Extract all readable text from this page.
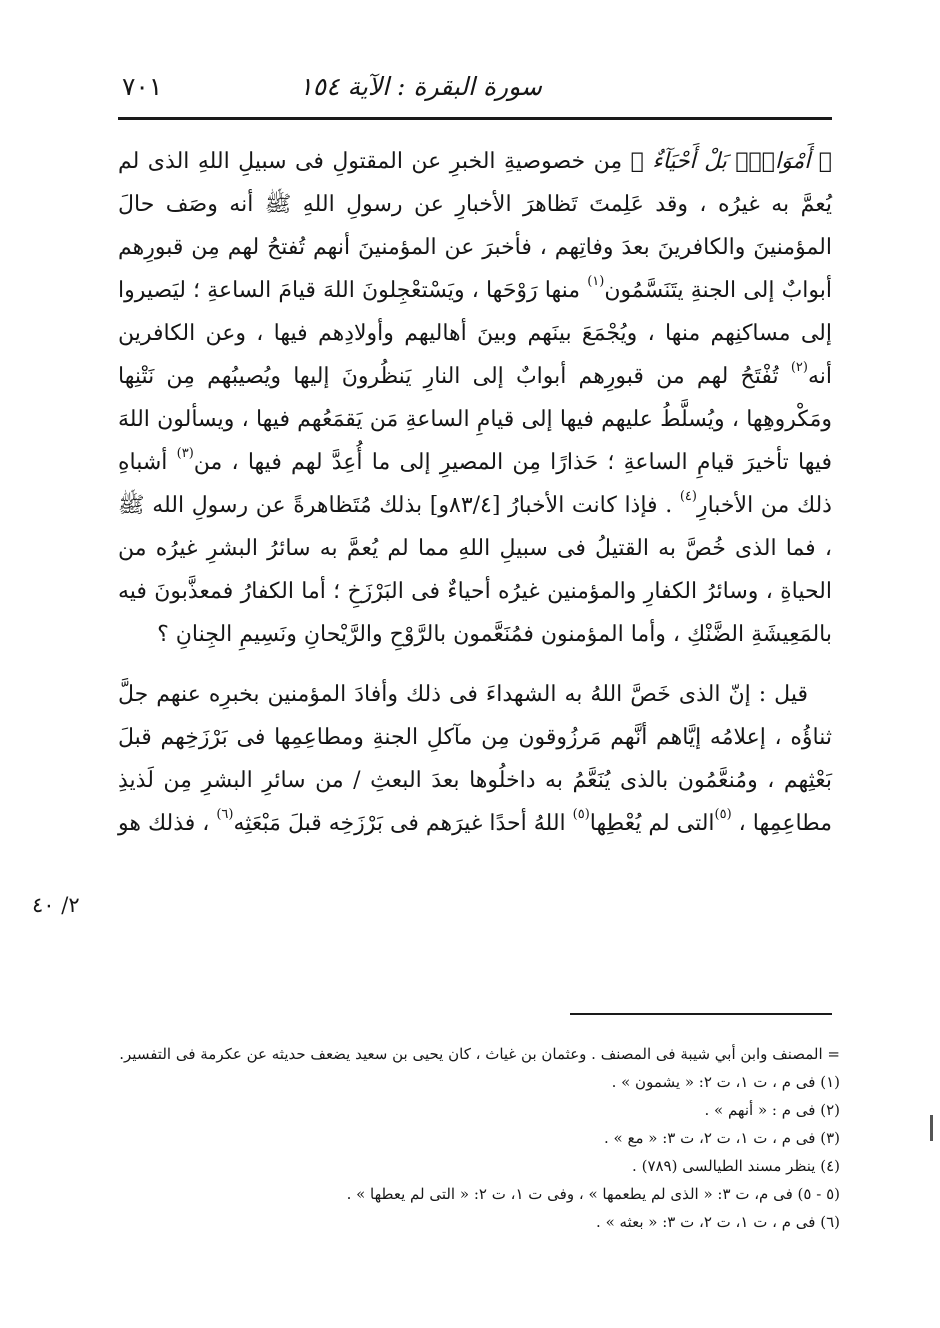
سورة البقرة : الآية ١٥٤
٧٠١

﴿ أَمْوَاتٌۢ بَلْ أَحْيَآءٌ ﴾ مِن خصوصيةِ الخبرِ عن المقتولِ فى سبيلِ اللهِ الذى لم يُعمَّ به غيرُه ، وقد عَلِمتَ تَظاهرَ الأخبارِ عن رسولِ اللهِ ﷺ أنه وصَف حالَ المؤمنينَ والكافرينَ بعدَ وفاتِهم ، فأخبرَ عن المؤمنينَ أنهم تُفتحُ لهم مِن قبورِهم أبوابٌ إلى الجنةِ يتَنَسَّمُون$^{(١)}$ منها رَوْحَها ، ويَسْتعْجِلونَ اللهَ قيامَ الساعةِ ؛ ليَصيروا إلى مساكنِهم منها ، ويُجْمَعَ بينَهم وبينَ أهاليهم وأولادِهم فيها ، وعن الكافرين أنه$^{(٢)}$ تُفْتَحُ لهم من قبورِهم أبوابٌ إلى النارِ يَنظُرونَ إليها ويُصيبُهم مِن نَتْنِها ومَكْروهِها ، ويُسلَّطُ عليهم فيها إلى قيامِ الساعةِ مَن يَقمَعُهم فيها ، ويسألون اللهَ فيها تأخيرَ قيامِ الساعةِ ؛ حَذارًا مِن المصيرِ إلى ما أُعِدَّ لهم فيها ، من$^{(٣)}$ أشباهِ ذلك من الأخبارِ$^{(٤)}$ . فإذا كانت الأخبارُ [٨٣/٤و] بذلك مُتَظاهرةً عن رسولِ الله ﷺ ، فما الذى خُصَّ به القتيلُ فى سبيلِ اللهِ مما لم يُعمَّ به سائرُ البشرِ غيرُه من الحياةِ ، وسائرُ الكفارِ والمؤمنين غيرُه أحياءٌ فى البَرْزَخِ ؛ أما الكفارُ فمعذَّبونَ فيه بالمَعِيشَةِ الضَّنْكِ ، وأما المؤمنون فمُنَعَّمون بالرَّوْحِ والرَّيْحانِ ونَسِيمِ الجِنانِ ؟

قيل : إنّ الذى خَصَّ اللهُ به الشهداءَ فى ذلك وأفادَ المؤمنين بخبرِه عنهم جلَّ ثناؤُه ، إعلامُه إيَّاهم أنَّهم مَرزُوقون مِن مآكلِ الجنةِ ومطاعِمِها فى بَرْزَخِهم قبلَ بَعْثِهم ، ومُنعَّمُون بالذى يُنَعَّمُ به داخلُوها بعدَ البعثِ / من سائرِ البشرِ مِن لَذيذِ مطاعِمِها ، $^{(٥)}$التى لم يُعْطِها$^{(٥)}$ اللهُ أحدًا غيرَهم فى بَرْزَخِه قبلَ مَبْعَثِه$^{(٦)}$ ، فذلك هو

٢/ ٤٠
= المصنف وابن أبي شيبة فى المصنف . وعثمان بن غياث ، كان يحيى بن سعيد يضعف حديثه عن عكرمة فى التفسير.
(١) فى م ، ت ١، ت ٢: « يشمون » .
(٢) فى م : « أنهم » .
(٣) فى م ، ت ١، ت ٢، ت ٣: « مع » .
(٤) ينظر مسند الطيالسى (٧٨٩) .
(٥ - ٥) فى م، ت ٣: « الذى لم يطعمها » ، وفى ت ١، ت ٢: « التى لم يعطها » .
(٦) فى م ، ت ١، ت ٢، ت ٣: « بعثه » .
